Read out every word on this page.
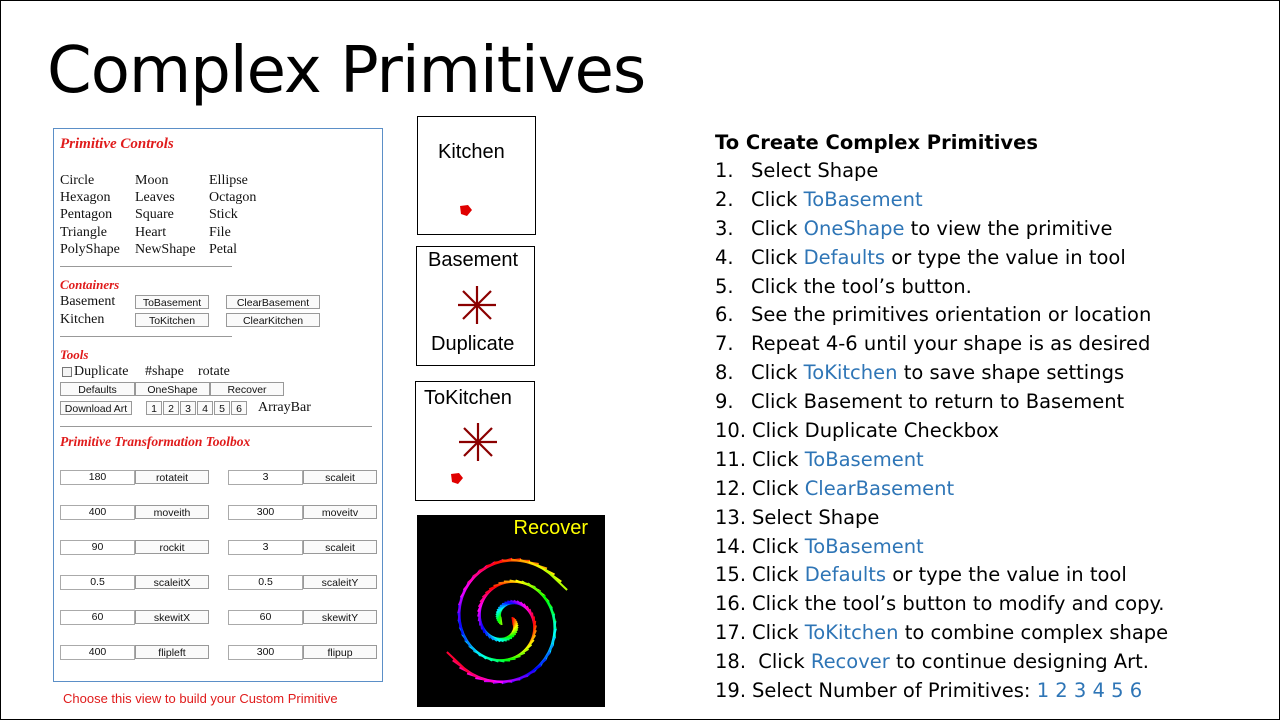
Complex Primitives
Primitive Controls
Circle	Moon	Ellipse
Hexagon Leaves Octagon
Pentagon Square	Stick
Triangle Heart	File
PolyShape NewShape Petal
Containers
Basement	ToBasement	ClearBasement
Kitchen	ToKitchen	ClearKitchen
Tools
Duplicate #shape rotate
Defaults	OneShape	Recover
Download Art	1	2	3	4	5	6	ArrayBar
Primitive Transformation Toolbox
180	rotateit	3	scaleit
400	moveith	300	moveitv
90	rockit	3	scaleit
0.5	scaleitX	0.5	scaleitY
60	skewitX	60	skewitY
400	flipleft	300	flipup
Choose this view to build your Custom Primitive
Kitchen
Basement
Duplicate
ToKitchen
Recover
To Create Complex Primitives
1. Select Shape
2. Click ToBasement
3. Click OneShape to view the primitive
4. Click Defaults or type the value in tool
5. Click the tool’s button.
6. See the primitives orientation or location
7. Repeat 4-6 until your shape is as desired
8. Click ToKitchen to save shape settings
9. Click Basement to return to Basement
10. Click Duplicate Checkbox
11. Click ToBasement
12. Click ClearBasement
13. Select Shape
14. Click ToBasement
15. Click Defaults or type the value in tool
16. Click the tool’s button to modify and copy.
17. Click ToKitchen to combine complex shape
18. Click Recover to continue designing Art.
19. Select Number of Primitives: 1 2 3 4 5 6
